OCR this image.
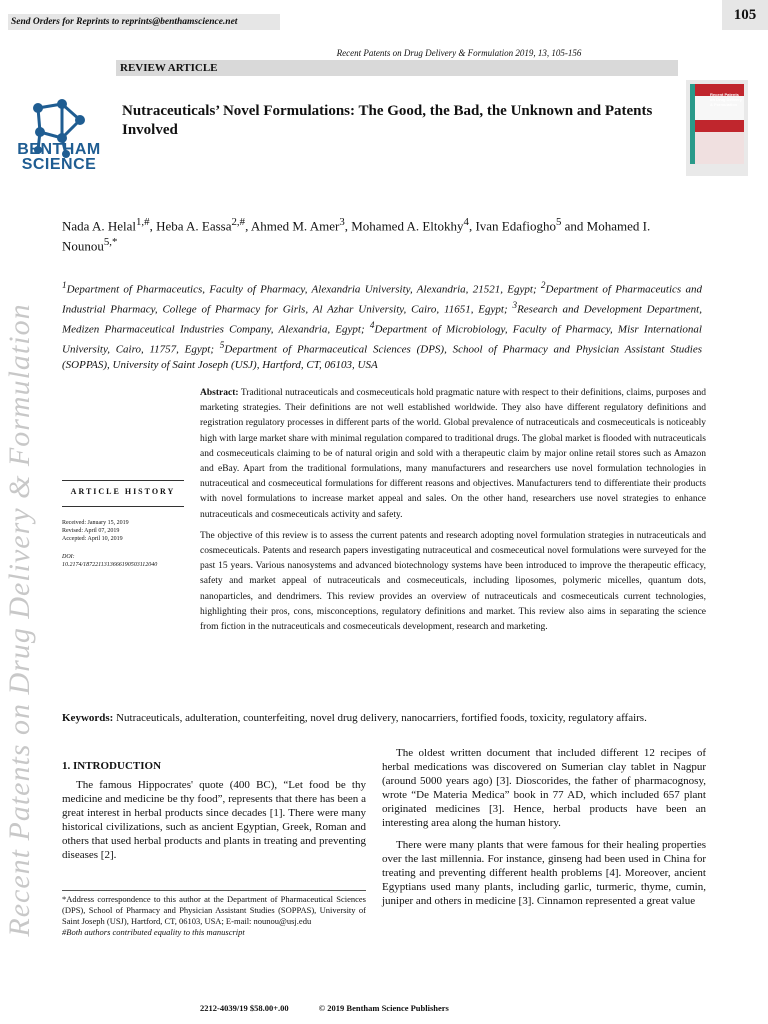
Send Orders for Reprints to reprints@benthamscience.net	105
Recent Patents on Drug Delivery & Formulation 2019, 13, 105-156
REVIEW ARTICLE
BENTHAM
SCIENCE
Nutraceuticals’ Novel Formulations: The Good, the Bad, the Unknown and Patents Involved
Recent Patents on Drug Delivery & Formulation
Recent Patents on Drug Delivery & Formulation
Nada A. Helal$^{1,\#}$, Heba A. Eassa$^{2,\#}$, Ahmed M. Amer$^3$, Mohamed A. Eltokhy$^4$, Ivan Edafiogho$^5$ and Mohamed I. Nounou$^{5,*}$
$^1$Department of Pharmaceutics, Faculty of Pharmacy, Alexandria University, Alexandria, 21521, Egypt; $^2$Department of Pharmaceutics and Industrial Pharmacy, College of Pharmacy for Girls, Al Azhar University, Cairo, 11651, Egypt; $^3$Research and Development Department, Medizen Pharmaceutical Industries Company, Alexandria, Egypt; $^4$Department of Microbiology, Faculty of Pharmacy, Misr International University, Cairo, 11757, Egypt; $^5$Department of Pharmaceutical Sciences (DPS), School of Pharmacy and Physician Assistant Studies (SOPPAS), University of Saint Joseph (USJ), Hartford, CT, 06103, USA

Abstract: Traditional nutraceuticals and cosmeceuticals hold pragmatic nature with respect to their definitions, claims, purposes and marketing strategies. Their definitions are not well established worldwide. They also have different regulatory definitions and registration regulatory processes in different parts of the world. Global prevalence of nutraceuticals and cosmeceuticals is noticeably high with large market share with minimal regulation compared to traditional drugs. The global market is flooded with nutraceuticals and cosmeceuticals claiming to be of natural origin and sold with a therapeutic claim by major online retail stores such as Amazon and eBay. Apart from the traditional formulations, many manufacturers and researchers use novel formulation technologies in nutraceutical and cosmeceutical formulations for different reasons and objectives. Manufacturers tend to differentiate their products with novel formulations to increase market appeal and sales. On the other hand, researchers use novel strategies to enhance nutraceuticals and cosmeceuticals activity and safety.

The objective of this review is to assess the current patents and research adopting novel formulation strategies in nutraceuticals and cosmeceuticals. Patents and research papers investigating nutraceutical and cosmeceutical novel formulations were surveyed for the past 15 years. Various nanosystems and advanced biotechnology systems have been introduced to improve the therapeutic efficacy, safety and market appeal of nutraceuticals and cosmeceuticals, including liposomes, polymeric micelles, quantum dots, nanoparticles, and dendrimers. This review provides an overview of nutraceuticals and cosmeceuticals current technologies, highlighting their pros, cons, misconceptions, regulatory definitions and market. This review also aims in separating the science from fiction in the nutraceuticals and cosmeceuticals development, research and marketing.

ARTICLE HISTORY
Received: January 15, 2019
Revised: April 07, 2019
Accepted: April 10, 2019
DOI:
10.2174/1872211313666190503112040
Keywords: Nutraceuticals, adulteration, counterfeiting, novel drug delivery, nanocarriers, fortified foods, toxicity, regulatory affairs.
1. INTRODUCTION

The famous Hippocrates' quote (400 BC), “Let food be thy medicine and medicine be thy food”, represents that there has been a great interest in herbal products since decades [1]. There were many historical civilizations, such as ancient Egyptian, Greek, Roman and others that used herbal products and plants in treating and preventing diseases [2].

The oldest written document that included different 12 recipes of herbal medications was discovered on Sumerian clay tablet in Nagpur (around 5000 years ago) [3]. Dioscorides, the father of pharmacognosy, wrote “De Materia Medica” book in 77 AD, which included 657 plant originated medicines [3]. Hence, herbal products have been an interesting area along the human history.

There were many plants that were famous for their healing properties over the last millennia. For instance, ginseng had been used in China for treating and preventing different health problems [4]. Moreover, ancient Egyptians used many plants, including garlic, turmeric, thyme, cumin, juniper and others in medicine [3]. Cinnamon represented a great value

*Address correspondence to this author at the Department of Pharmaceutical Sciences (DPS), School of Pharmacy and Physician Assistant Studies (SOPPAS), University of Saint Joseph (USJ), Hartford, CT, 06103, USA; E-mail: nounou@usj.edu
#Both authors contributed equality to this manuscript
2212-4039/19 $58.00+.00	© 2019 Bentham Science Publishers
